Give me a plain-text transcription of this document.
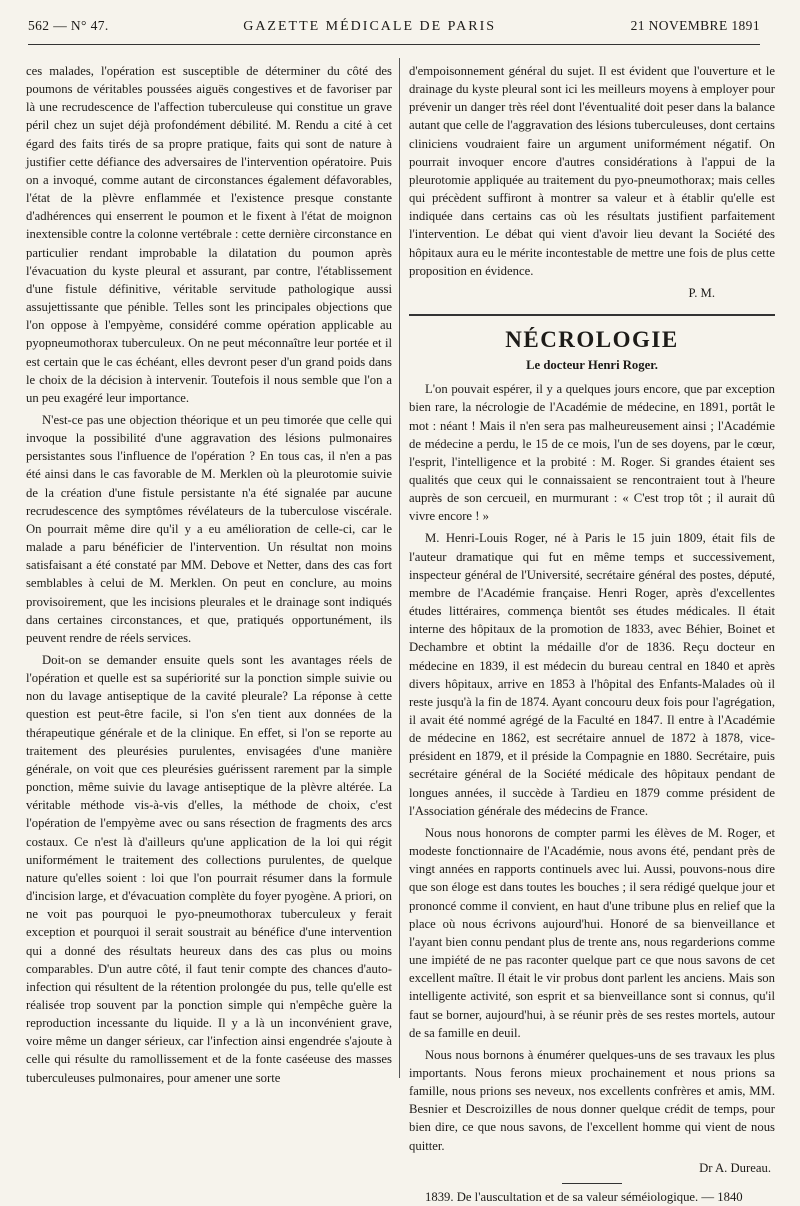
562 — N° 47.	GAZETTE MÉDICALE DE PARIS	21 NOVEMBRE 1891

ces malades, l'opération est susceptible de déterminer du côté des poumons de véritables poussées aiguës congestives et de favoriser par là une recrudescence de l'affection tuberculeuse qui constitue un grave péril chez un sujet déjà profondément débilité. M. Rendu a cité à cet égard des faits tirés de sa propre pratique, faits qui sont de nature à justifier cette défiance des adversaires de l'intervention opératoire. Puis on a invoqué, comme autant de circonstances également défavorables, l'état de la plèvre enflammée et l'existence presque constante d'adhérences qui enserrent le poumon et le fixent à l'état de moignon inextensible contre la colonne vertébrale : cette dernière circonstance en particulier rendant improbable la dilatation du poumon après l'évacuation du kyste pleural et assurant, par contre, l'établissement d'une fistule définitive, véritable servitude pathologique aussi assujettissante que pénible. Telles sont les principales objections que l'on oppose à l'empyème, considéré comme opération applicable au pyopneumothorax tuberculeux. On ne peut méconnaître leur portée et il est certain que le cas échéant, elles devront peser d'un grand poids dans le choix de la décision à intervenir. Toutefois il nous semble que l'on a un peu exagéré leur importance.

N'est-ce pas une objection théorique et un peu timorée que celle qui invoque la possibilité d'une aggravation des lésions pulmonaires persistantes sous l'influence de l'opération ? En tous cas, il n'en a pas été ainsi dans le cas favorable de M. Merklen où la pleurotomie suivie de la création d'une fistule persistante n'a été signalée par aucune recrudescence des symptômes révélateurs de la tuberculose viscérale. On pourrait même dire qu'il y a eu amélioration de celle-ci, car le malade a paru bénéficier de l'intervention. Un résultat non moins satisfaisant a été constaté par MM. Debove et Netter, dans des cas fort semblables à celui de M. Merklen. On peut en conclure, au moins provisoirement, que les incisions pleurales et le drainage sont indiqués dans certaines circonstances, et que, pratiqués opportunément, ils peuvent rendre de réels services.

Doit-on se demander ensuite quels sont les avantages réels de l'opération et quelle est sa supériorité sur la ponction simple suivie ou non du lavage antiseptique de la cavité pleurale? La réponse à cette question est peut-être facile, si l'on s'en tient aux données de la thérapeutique générale et de la clinique. En effet, si l'on se reporte au traitement des pleurésies purulentes, envisagées d'une manière générale, on voit que ces pleurésies guérissent rarement par la simple ponction, même suivie du lavage antiseptique de la plèvre altérée. La véritable méthode vis-à-vis d'elles, la méthode de choix, c'est l'opération de l'empyème avec ou sans résection de fragments des arcs costaux. Ce n'est là d'ailleurs qu'une application de la loi qui régit uniformément le traitement des collections purulentes, de quelque nature qu'elles soient : loi que l'on pourrait résumer dans la formule d'incision large, et d'évacuation complète du foyer pyogène. A priori, on ne voit pas pourquoi le pyo-pneumothorax tuberculeux y ferait exception et pourquoi il serait soustrait au bénéfice d'une intervention qui a donné des résultats heureux dans des cas plus ou moins comparables. D'un autre côté, il faut tenir compte des chances d'auto-infection qui résultent de la rétention prolongée du pus, telle qu'elle est réalisée trop souvent par la ponction simple qui n'empêche guère la reproduction incessante du liquide. Il y a là un inconvénient grave, voire même un danger sérieux, car l'infection ainsi engendrée s'ajoute à celle qui résulte du ramollissement et de la fonte caséeuse des masses tuberculeuses pulmonaires, pour amener une sorte

d'empoisonnement général du sujet. Il est évident que l'ouverture et le drainage du kyste pleural sont ici les meilleurs moyens à employer pour prévenir un danger très réel dont l'éventualité doit peser dans la balance autant que celle de l'aggravation des lésions tuberculeuses, dont certains cliniciens voudraient faire un argument uniformément négatif. On pourrait invoquer encore d'autres considérations à l'appui de la pleurotomie appliquée au traitement du pyo-pneumothorax; mais celles qui précèdent suffiront à montrer sa valeur et à établir qu'elle est indiquée dans certains cas où les résultats justifient parfaitement l'intervention. Le débat qui vient d'avoir lieu devant la Société des hôpitaux aura eu le mérite incontestable de mettre une fois de plus cette proposition en évidence.

P. M.

NÉCROLOGIE
Le docteur Henri Roger.

L'on pouvait espérer, il y a quelques jours encore, que par exception bien rare, la nécrologie de l'Académie de médecine, en 1891, portât le mot : néant ! Mais il n'en sera pas malheureusement ainsi ; l'Académie de médecine a perdu, le 15 de ce mois, l'un de ses doyens, par le cœur, l'esprit, l'intelligence et la probité : M. Roger. Si grandes étaient ses qualités que ceux qui le connaissaient se rencontraient tout à l'heure auprès de son cercueil, en murmurant : « C'est trop tôt ; il aurait dû vivre encore ! »

M. Henri-Louis Roger, né à Paris le 15 juin 1809, était fils de l'auteur dramatique qui fut en même temps et successivement, inspecteur général de l'Université, secrétaire général des postes, député, membre de l'Académie française. Henri Roger, après d'excellentes études littéraires, commença bientôt ses études médicales. Il était interne des hôpitaux de la promotion de 1833, avec Béhier, Boinet et Dechambre et obtint la médaille d'or de 1836. Reçu docteur en médecine en 1839, il est médecin du bureau central en 1840 et après divers hôpitaux, arrive en 1853 à l'hôpital des Enfants-Malades où il reste jusqu'à la fin de 1874. Ayant concouru deux fois pour l'agrégation, il avait été nommé agrégé de la Faculté en 1847. Il entre à l'Académie de médecine en 1862, est secrétaire annuel de 1872 à 1878, vice-président en 1879, et il préside la Compagnie en 1880. Secrétaire, puis secrétaire général de la Société médicale des hôpitaux pendant de longues années, il succède à Tardieu en 1879 comme président de l'Association générale des médecins de France.

Nous nous honorons de compter parmi les élèves de M. Roger, et modeste fonctionnaire de l'Académie, nous avons été, pendant près de vingt années en rapports continuels avec lui. Aussi, pouvons-nous dire que son éloge est dans toutes les bouches ; il sera rédigé quelque jour et prononcé comme il convient, en haut d'une tribune plus en relief que la place où nous écrivons aujourd'hui. Honoré de sa bienveillance et l'ayant bien connu pendant plus de trente ans, nous regarderions comme une impiété de ne pas raconter quelque part ce que nous savons de cet excellent maître. Il était le vir probus dont parlent les anciens. Mais son intelligente activité, son esprit et sa bienveillance sont si connus, qu'il faut se borner, aujourd'hui, à se réunir près de ses restes mortels, autour de sa famille en deuil.

Nous nous bornons à énumérer quelques-uns de ses travaux les plus importants. Nous ferons mieux prochainement et nous prions sa famille, nous prions ses neveux, nos excellents confrères et amis, MM. Besnier et Descroizilles de nous donner quelque crédit de temps, pour bien dire, ce que nous savons, de l'excellent homme qui vient de nous quitter.

Dr A. Dureau.

1839. De l'auscultation et de sa valeur séméiologique. — 1840
